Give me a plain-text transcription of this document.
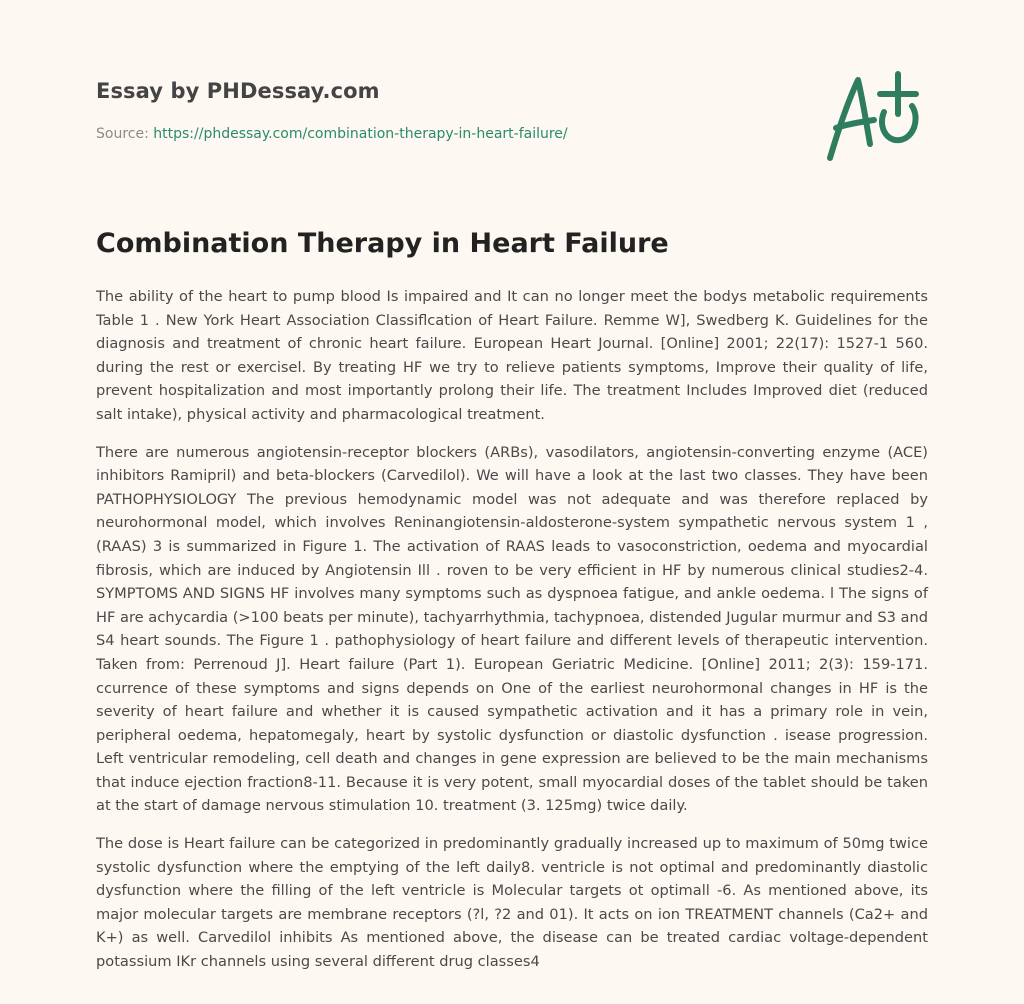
Essay by PHDessay.com
Source: https://phdessay.com/combination-therapy-in-heart-failure/
Combination Therapy in Heart Failure

The ability of the heart to pump blood Is impaired and It can no longer meet the bodys metabolic requirements Table 1 . New York Heart Association Classiflcation of Heart Failure. Remme W], Swedberg K. Guidelines for the diagnosis and treatment of chronic heart failure. European Heart Journal. [Online] 2001; 22(17): 1527-1 560. during the rest or exercisel. By treating HF we try to relieve patients symptoms, Improve their quality of life, prevent hospitalization and most importantly prolong their life. The treatment Includes Improved diet (reduced salt intake), physical activity and pharmacological treatment.

There are numerous angiotensin-receptor blockers (ARBs), vasodilators, angiotensin-converting enzyme (ACE) inhibitors Ramipril) and beta-blockers (Carvedilol). We will have a look at the last two classes. They have been PATHOPHYSIOLOGY The previous hemodynamic model was not adequate and was therefore replaced by neurohormonal model, which involves Reninangiotensin-aldosterone-system sympathetic nervous system 1 , (RAAS) 3 is summarized in Figure 1. The activation of RAAS leads to vasoconstriction, oedema and myocardial fibrosis, which are induced by Angiotensin Ill . roven to be very efficient in HF by numerous clinical studies2-4. SYMPTOMS AND SIGNS HF involves many symptoms such as dyspnoea fatigue, and ankle oedema. l The signs of HF are achycardia (>100 beats per minute), tachyarrhythmia, tachypnoea, distended Jugular murmur and S3 and S4 heart sounds. The Figure 1 . pathophysiology of heart failure and different levels of therapeutic intervention. Taken from: Perrenoud J]. Heart failure (Part 1). European Geriatric Medicine. [Online] 2011; 2(3): 159-171. ccurrence of these symptoms and signs depends on One of the earliest neurohormonal changes in HF is the severity of heart failure and whether it is caused sympathetic activation and it has a primary role in vein, peripheral oedema, hepatomegaly, heart by systolic dysfunction or diastolic dysfunction . isease progression. Left ventricular remodeling, cell death and changes in gene expression are believed to be the main mechanisms that induce ejection fraction8-11. Because it is very potent, small myocardial doses of the tablet should be taken at the start of damage nervous stimulation 10. treatment (3. 125mg) twice daily.

The dose is Heart failure can be categorized in predominantly gradually increased up to maximum of 50mg twice systolic dysfunction where the emptying of the left daily8. ventricle is not optimal and predominantly diastolic dysfunction where the filling of the left ventricle is Molecular targets ot optimall -6. As mentioned above, its major molecular targets are membrane receptors (?l, ?2 and 01). It acts on ion TREATMENT channels (Ca2+ and K+) as well. Carvedilol inhibits As mentioned above, the disease can be treated cardiac voltage-dependent potassium IKr channels using several different drug classes4
